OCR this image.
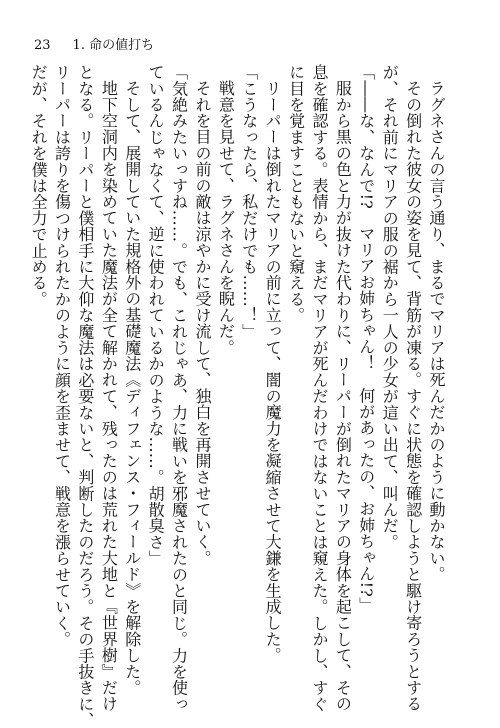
23 1. 命の値打ち

ラグネさんの言う通り、まるでマリアは死んだかのように動かない。

その倒れた彼女の姿を見て、背筋が凍る。すぐに状態を確認しようと駆け寄ろうとする

が、それ前にマリアの服の裾から一人の少女が這い出て、叫んだ。

「――な、なんで!?　マリアお姉ちゃん！　何があったの、お姉ちゃん!?」

服から黒の色と力が抜けた代わりに、リーパーが倒れたマリアの身体を起こして、その

息を確認する。表情から、まだマリアが死んだわけではないことは窺えた。しかし、すぐ

に目を覚ますこともないと窺える。

リーパーは倒れたマリアの前に立って、闇の魔力を凝縮させて大鎌を生成した。

「こうなったら、私だけでも……！」

戦意を見せて、ラグネさんを睨んだ。

それを目の前の敵は涼やかに受け流して、独白を再開させていく。

「気絶みたいっすね……。でも、これじゃあ、力に戦いを邪魔されたのと同じ。力を使っ

ているんじゃなくて、逆に使われているかのような……。胡散臭さ」

そして、展開していた規格外の基礎魔法《ディフェンス・フィールド》を解除した。

地下空洞内を染めていた魔法が全て解かれて、残ったのは荒れた大地と『世界樹』だけ

となる。リーパーと僕相手に大仰な魔法は必要ないと、判断したのだろう。その手抜きに、

リーパーは誇りを傷つけられたかのように顔を歪ませて、戦意を漲らせていく。

だが、それを僕は全力で止める。
